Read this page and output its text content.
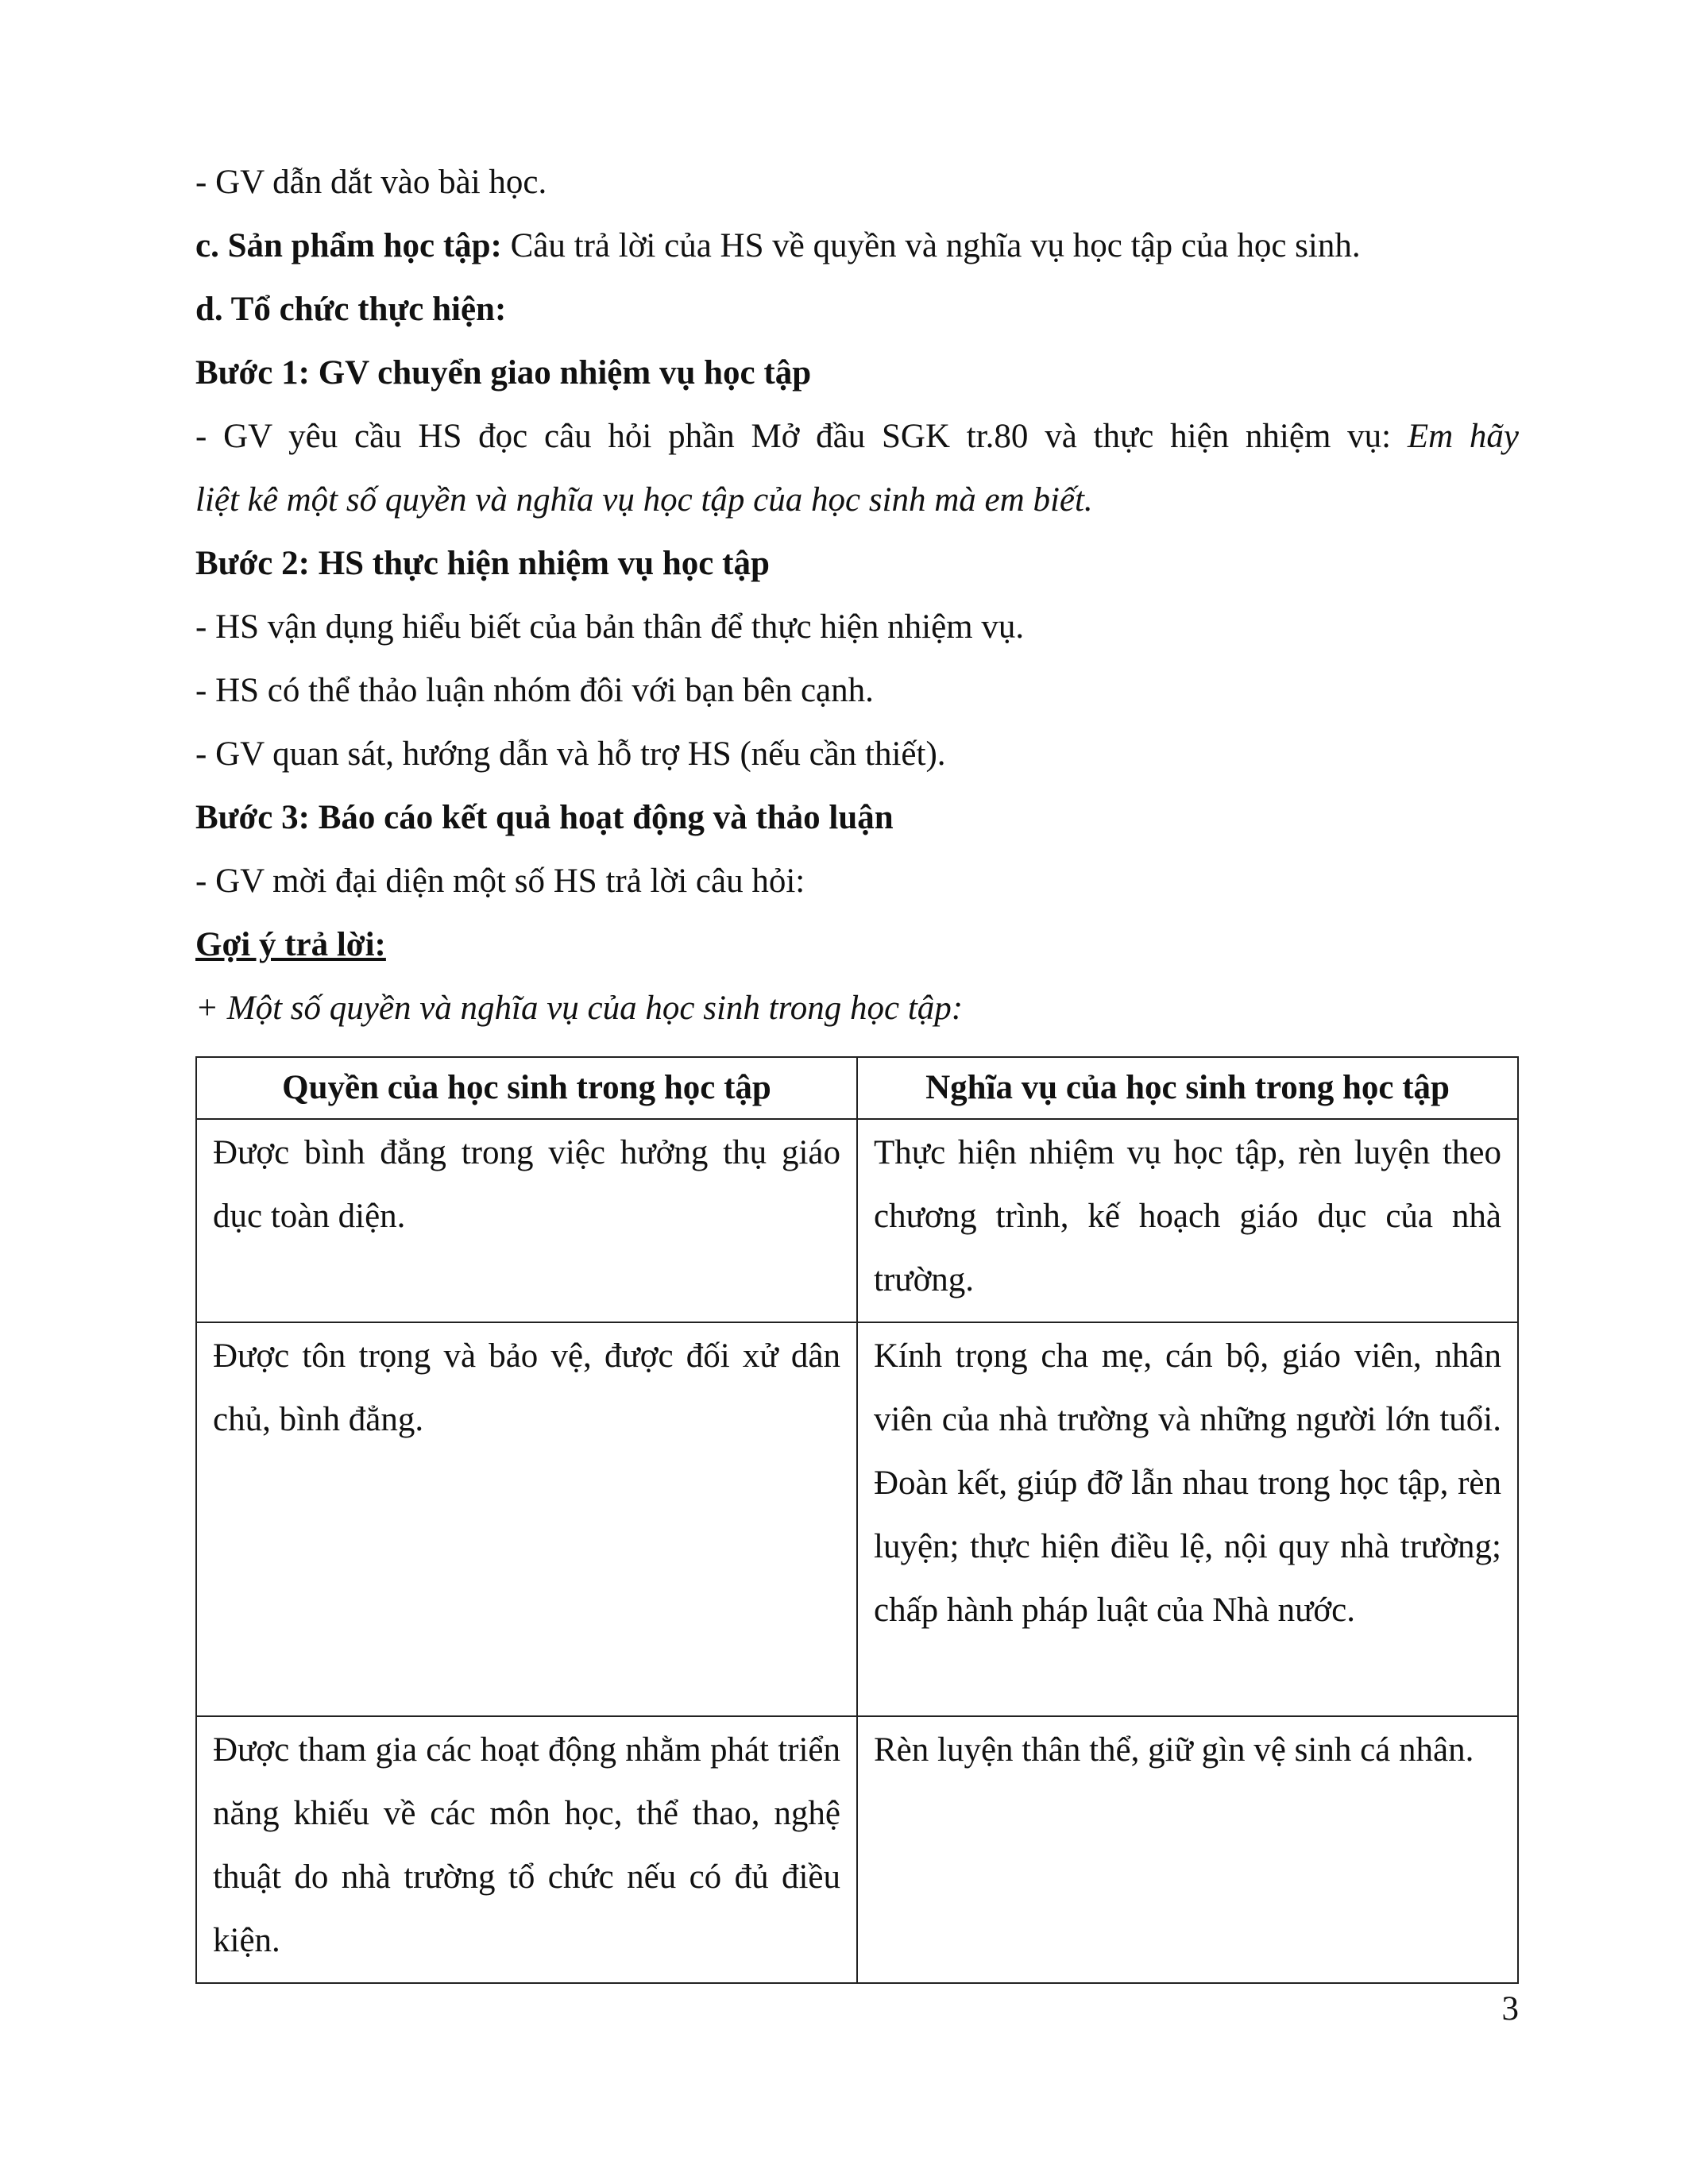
- GV dẫn dắt vào bài học.
c. Sản phẩm học tập: Câu trả lời của HS về quyền và nghĩa vụ học tập của học sinh.
d. Tổ chức thực hiện:
Bước 1: GV chuyển giao nhiệm vụ học tập
- GV yêu cầu HS đọc câu hỏi phần Mở đầu SGK tr.80 và thực hiện nhiệm vụ: Em hãy
liệt kê một số quyền và nghĩa vụ học tập của học sinh mà em biết.
Bước 2: HS thực hiện nhiệm vụ học tập
- HS vận dụng hiểu biết của bản thân để thực hiện nhiệm vụ.
- HS có thể thảo luận nhóm đôi với bạn bên cạnh.
- GV quan sát, hướng dẫn và hỗ trợ HS (nếu cần thiết).
Bước 3: Báo cáo kết quả hoạt động và thảo luận
- GV mời đại diện một số HS trả lời câu hỏi:
Gợi ý trả lời:
+ Một số quyền và nghĩa vụ của học sinh trong học tập:
Quyền của học sinh trong học tập	Nghĩa vụ của học sinh trong học tập
Được bình đẳng trong việc hưởng thụ giáo dục toàn diện.	Thực hiện nhiệm vụ học tập, rèn luyện theo chương trình, kế hoạch giáo dục của nhà trường.
Được tôn trọng và bảo vệ, được đối xử dân chủ, bình đẳng.	Kính trọng cha mẹ, cán bộ, giáo viên, nhân viên của nhà trường và những người lớn tuổi. Đoàn kết, giúp đỡ lẫn nhau trong học tập, rèn luyện; thực hiện điều lệ, nội quy nhà trường; chấp hành pháp luật của Nhà nước.
Được tham gia các hoạt động nhằm phát triển năng khiếu về các môn học, thể thao, nghệ thuật do nhà trường tổ chức nếu có đủ điều kiện.	Rèn luyện thân thể, giữ gìn vệ sinh cá nhân.
3
